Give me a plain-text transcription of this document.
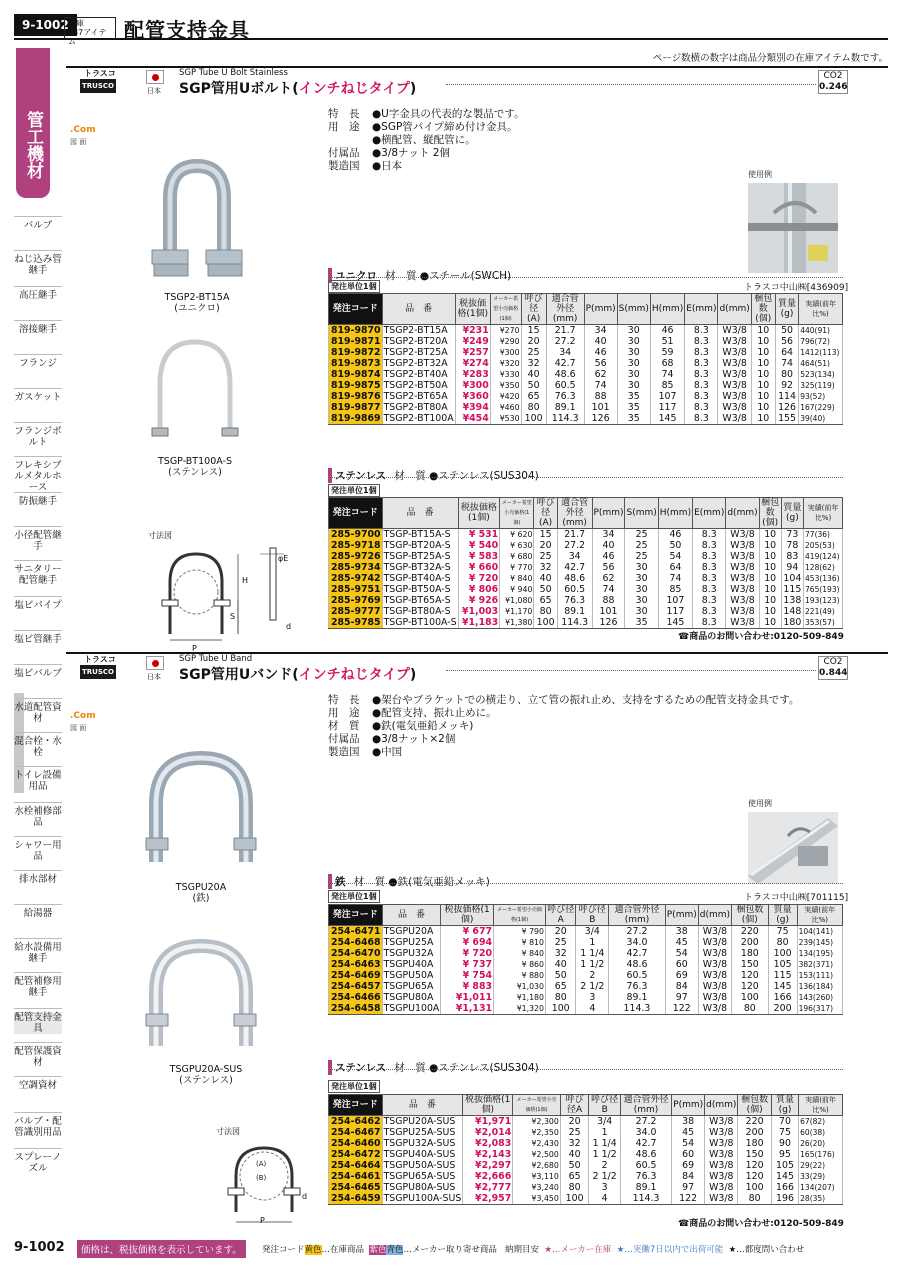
9-1002 在庫
637アイテム	配管支持金具
ページ数横の数字は商品分類別の在庫アイテム数です。
管工機材
バルブ
ねじ込み管継手
高圧継手
溶接継手
フランジ
ガスケット
フランジボルト
フレキシブルメタルホース
防振継手
小径配管継手
サニタリー配管継手
塩ビパイプ
塩ビ管継手
塩ビバルブ
水道配管資材
混合栓・水栓
トイレ設備用品
水栓補修部品
シャワー用品
排水部材
給湯器
給水設備用継手
配管補修用継手
配管支持金具
配管保護資材
空調資材
バルブ・配管識別用品
スプレーノズル
トラスコ
TRUSCO
日本
SGP Tube U Bolt Stainless
SGP管用Uボルト(インチねじタイプ)
CO2
0.246
.Com
図 面
TSGP2-BT15A
(ユニクロ)
TSGP-BT100A-S
(ステンレス)
寸法図
P
H
S
φE
d
特　長 ●U字金具の代表的な製品です。
用　途 ●SGP管パイプ締め付け金具。
●横配管、縦配管に。
付属品 ●3/8ナット 2個
製造国 ●日本
使用例
ユニクロ 材　質 ●スチール(SWCH)
発注単位1個	トラスコ中山㈱[436909]
発注コード	品　番	税抜価格(1個)	メーカー希望小売価格(1個)	呼び径(A)	適合管外径(mm)	P(mm)	S(mm)	H(mm)	E(mm)	d(mm)	梱包数(個)	質量(g)	実績(前年比%)
819-9870	TSGP2-BT15A	¥231	¥270	15	21.7	34	30	46	8.3	W3/8	10	50	440(91)
819-9871	TSGP2-BT20A	¥249	¥290	20	27.2	40	30	51	8.3	W3/8	10	56	796(72)
819-9872	TSGP2-BT25A	¥257	¥300	25	34	46	30	59	8.3	W3/8	10	64	1412(113)
819-9873	TSGP2-BT32A	¥274	¥320	32	42.7	56	30	68	8.3	W3/8	10	74	464(51)
819-9874	TSGP2-BT40A	¥283	¥330	40	48.6	62	30	74	8.3	W3/8	10	80	523(134)
819-9875	TSGP2-BT50A	¥300	¥350	50	60.5	74	30	85	8.3	W3/8	10	92	325(119)
819-9876	TSGP2-BT65A	¥360	¥420	65	76.3	88	35	107	8.3	W3/8	10	114	93(52)
819-9877	TSGP2-BT80A	¥394	¥460	80	89.1	101	35	117	8.3	W3/8	10	126	167(229)
819-9869	TSGP2-BT100A	¥454	¥530	100	114.3	126	35	145	8.3	W3/8	10	155	39(40)
ステンレス 材　質 ●ステンレス(SUS304)
発注単位1個
発注コード	品　番	税抜価格(1個)	メーカー希望小売価格(1個)	呼び径(A)	適合管外径(mm)	P(mm)	S(mm)	H(mm)	E(mm)	d(mm)	梱包数(個)	質量(g)	実績(前年比%)
285-9700	TSGP-BT15A-S	¥ 531	¥ 620	15	21.7	34	25	46	8.3	W3/8	10	73	77(36)
285-9718	TSGP-BT20A-S	¥ 540	¥ 630	20	27.2	40	25	50	8.3	W3/8	10	78	205(53)
285-9726	TSGP-BT25A-S	¥ 583	¥ 680	25	34	46	25	54	8.3	W3/8	10	83	419(124)
285-9734	TSGP-BT32A-S	¥ 660	¥ 770	32	42.7	56	30	64	8.3	W3/8	10	94	128(62)
285-9742	TSGP-BT40A-S	¥ 720	¥ 840	40	48.6	62	30	74	8.3	W3/8	10	104	453(136)
285-9751	TSGP-BT50A-S	¥ 806	¥ 940	50	60.5	74	30	85	8.3	W3/8	10	115	765(193)
285-9769	TSGP-BT65A-S	¥ 926	¥1,080	65	76.3	88	30	107	8.3	W3/8	10	138	193(123)
285-9777	TSGP-BT80A-S	¥1,003	¥1,170	80	89.1	101	30	117	8.3	W3/8	10	148	221(49)
285-9785	TSGP-BT100A-S	¥1,183	¥1,380	100	114.3	126	35	145	8.3	W3/8	10	180	353(57)
☎商品のお問い合わせ:0120-509-849
トラスコ
TRUSCO
日本
SGP Tube U Band
SGP管用Uバンド(インチねじタイプ)
CO2
0.844
.Com
図 面
TSGPU20A
(鉄)
TSGPU20A-SUS
(ステンレス)
寸法図
(A)
(B)
P
d
特　長 ●架台やブラケットでの横走り、立て管の振れ止め、支持をするための配管支持金具です。
用　途 ●配管支持、振れ止めに。
材　質 ●鉄(電気亜鉛メッキ)
付属品 ●3/8ナット×2個
製造国 ●中国
使用例
鉄 材　質 ●鉄(電気亜鉛メッキ)
発注単位1個	トラスコ中山㈱[701115]
発注コード	品　番	税抜価格(1個)	メーカー希望小売価格(1個)	呼び径A	呼び径B	適合管外径(mm)	P(mm)	d(mm)	梱包数(個)	質量(g)	実績(前年比%)
254-6471	TSGPU20A	¥ 677	¥ 790	20	3/4	27.2	38	W3/8	220	75	104(141)
254-6468	TSGPU25A	¥ 694	¥ 810	25	1	34.0	45	W3/8	200	80	239(145)
254-6470	TSGPU32A	¥ 720	¥ 840	32	1 1/4	42.7	54	W3/8	180	100	134(195)
254-6463	TSGPU40A	¥ 737	¥ 860	40	1 1/2	48.6	60	W3/8	150	105	382(371)
254-6469	TSGPU50A	¥ 754	¥ 880	50	2	60.5	69	W3/8	120	115	153(111)
254-6457	TSGPU65A	¥ 883	¥1,030	65	2 1/2	76.3	84	W3/8	120	145	136(184)
254-6466	TSGPU80A	¥1,011	¥1,180	80	3	89.1	97	W3/8	100	166	143(260)
254-6458	TSGPU100A	¥1,131	¥1,320	100	4	114.3	122	W3/8	80	200	196(317)
ステンレス 材　質 ●ステンレス(SUS304)
発注単位1個
発注コード	品　番	税抜価格(1個)	メーカー希望小売価格(1個)	呼び径A	呼び径B	適合管外径(mm)	P(mm)	d(mm)	梱包数(個)	質量(g)	実績(前年比%)
254-6462	TSGPU20A-SUS	¥1,971	¥2,300	20	3/4	27.2	38	W3/8	220	70	67(82)
254-6467	TSGPU25A-SUS	¥2,014	¥2,350	25	1	34.0	45	W3/8	200	75	60(38)
254-6460	TSGPU32A-SUS	¥2,083	¥2,430	32	1 1/4	42.7	54	W3/8	180	90	26(20)
254-6472	TSGPU40A-SUS	¥2,143	¥2,500	40	1 1/2	48.6	60	W3/8	150	95	165(176)
254-6464	TSGPU50A-SUS	¥2,297	¥2,680	50	2	60.5	69	W3/8	120	105	29(22)
254-6461	TSGPU65A-SUS	¥2,666	¥3,110	65	2 1/2	76.3	84	W3/8	120	145	33(29)
254-6465	TSGPU80A-SUS	¥2,777	¥3,240	80	3	89.1	97	W3/8	100	166	134(207)
254-6459	TSGPU100A-SUS	¥2,957	¥3,450	100	4	114.3	122	W3/8	80	196	28(35)
☎商品のお問い合わせ:0120-509-849
9-1002	価格は、税抜価格を表示しています。	発注コード黄色…在庫商品 紫色青色…メーカー取り寄せ商品 納期目安 ★…メーカー在庫 ★…実働7日以内で出荷可能 ★…都度問い合わせ
